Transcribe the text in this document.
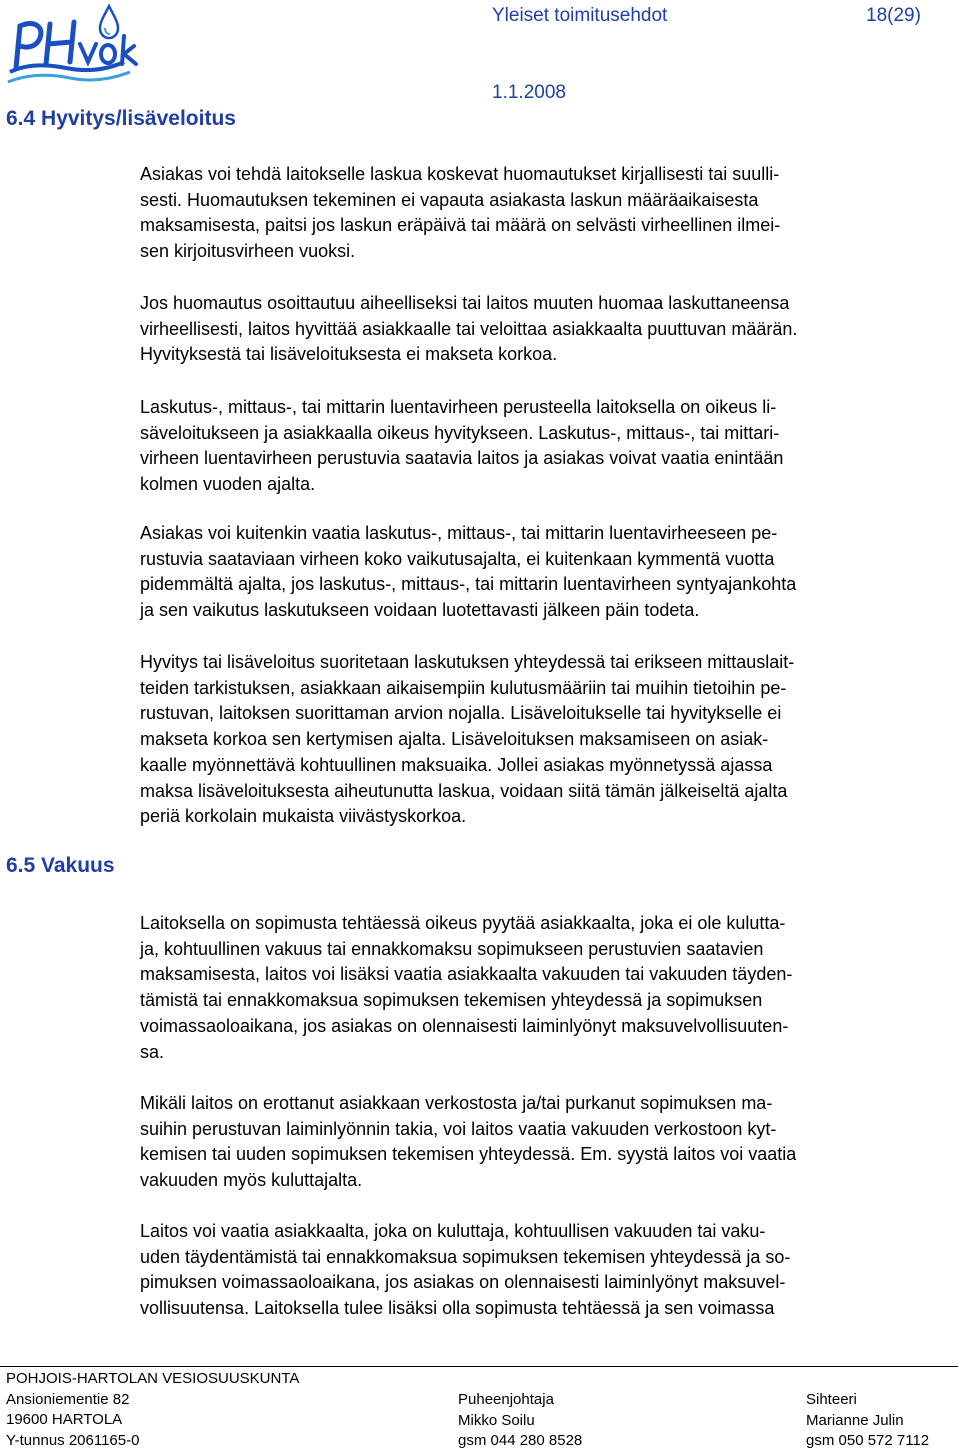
Yleiset toimitusehdot	18(29)
1.1.2008
6.4 Hyvitys/lisäveloitus
6.5 Vakuus

Asiakas voi tehdä laitokselle laskua koskevat huomautukset kirjallisesti tai suulli-
sesti. Huomautuksen tekeminen ei vapauta asiakasta laskun määräaikaisesta
maksamisesta, paitsi jos laskun eräpäivä tai määrä on selvästi virheellinen ilmei-
sen kirjoitusvirheen vuoksi.

Jos huomautus osoittautuu aiheelliseksi tai laitos muuten huomaa laskuttaneensa
virheellisesti, laitos hyvittää asiakkaalle tai veloittaa asiakkaalta puuttuvan määrän.
Hyvityksestä tai lisäveloituksesta ei makseta korkoa.

Laskutus-, mittaus-, tai mittarin luentavirheen perusteella laitoksella on oikeus li-
säveloitukseen ja asiakkaalla oikeus hyvitykseen. Laskutus-, mittaus-, tai mittari-
virheen luentavirheen perustuvia saatavia laitos ja asiakas voivat vaatia enintään
kolmen vuoden ajalta.

Asiakas voi kuitenkin vaatia laskutus-, mittaus-, tai mittarin luentavirheeseen pe-
rustuvia saataviaan virheen koko vaikutusajalta, ei kuitenkaan kymmentä vuotta
pidemmältä ajalta, jos laskutus-, mittaus-, tai mittarin luentavirheen syntyajankohta
ja sen vaikutus laskutukseen voidaan luotettavasti jälkeen päin todeta.

Hyvitys tai lisäveloitus suoritetaan laskutuksen yhteydessä tai erikseen mittauslait-
teiden tarkistuksen, asiakkaan aikaisempiin kulutusmääriin tai muihin tietoihin pe-
rustuvan, laitoksen suorittaman arvion nojalla. Lisäveloitukselle tai hyvitykselle ei
makseta korkoa sen kertymisen ajalta. Lisäveloituksen maksamiseen on asiak-
kaalle myönnettävä kohtuullinen maksuaika. Jollei asiakas myönnetyssä ajassa
maksa lisäveloituksesta aiheutunutta laskua, voidaan siitä tämän jälkeiseltä ajalta
periä korkolain mukaista viivästyskorkoa.

Laitoksella on sopimusta tehtäessä oikeus pyytää asiakkaalta, joka ei ole kulutta-
ja, kohtuullinen vakuus tai ennakkomaksu sopimukseen perustuvien saatavien
maksamisesta, laitos voi lisäksi vaatia asiakkaalta vakuuden tai vakuuden täyden-
tämistä tai ennakkomaksua sopimuksen tekemisen yhteydessä ja sopimuksen
voimassaoloaikana, jos asiakas on olennaisesti laiminlyönyt maksuvelvollisuuten-
sa.

Mikäli laitos on erottanut asiakkaan verkostosta ja/tai purkanut sopimuksen ma-
suihin perustuvan laiminlyönnin takia, voi laitos vaatia vakuuden verkostoon kyt-
kemisen tai uuden sopimuksen tekemisen yhteydessä. Em. syystä laitos voi vaatia
vakuuden myös kuluttajalta.

Laitos voi vaatia asiakkaalta, joka on kuluttaja, kohtuullisen vakuuden tai vaku-
uden täydentämistä tai ennakkomaksua sopimuksen tekemisen yhteydessä ja so-
pimuksen voimassaoloaikana, jos asiakas on olennaisesti laiminlyönyt maksuvel-
vollisuutensa. Laitoksella tulee lisäksi olla sopimusta tehtäessä ja sen voimassa

POHJOIS-HARTOLAN VESIOSUUSKUNTA
Ansioniementie 82
19600 HARTOLA
Y-tunnus 2061165-0
Puheenjohtaja
Mikko Soilu
gsm 044 280 8528
Sihteeri
Marianne Julin
gsm 050 572 7112
